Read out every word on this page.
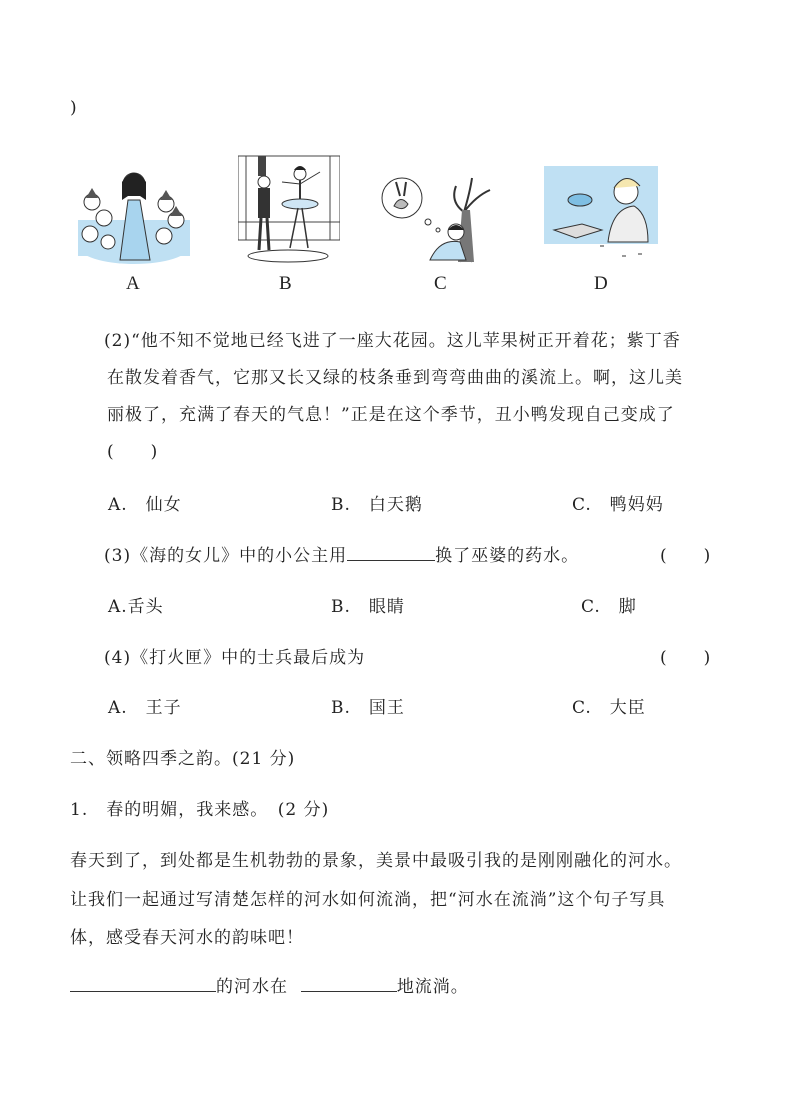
)
A	B	C	D
(2)“他不知不觉地已经飞进了一座大花园。这儿苹果树正开着花；紫丁香
在散发着香气，它那又长又绿的枝条垂到弯弯曲曲的溪流上。啊，这儿美
丽极了，充满了春天的气息！”正是在这个季节，丑小鸭发现自己变成了
(　　)
A.　仙女	B.　白天鹅	C.　鸭妈妈
(3)《海的女儿》中的小公主用	换了巫婆的药水。	(　　)
A.舌头	B.　眼睛	C.　脚
(4)《打火匣》中的士兵最后成为	(　　)
A.　王子	B.　国王	C.　大臣
二、领略四季之韵。(21 分)
1.　春的明媚，我来感。　(2 分)
春天到了，到处都是生机勃勃的景象，美景中最吸引我的是刚刚融化的河水。
让我们一起通过写清楚怎样的河水如何流淌，把“河水在流淌”这个句子写具
体，感受春天河水的韵味吧！
的河水在	地流淌。
